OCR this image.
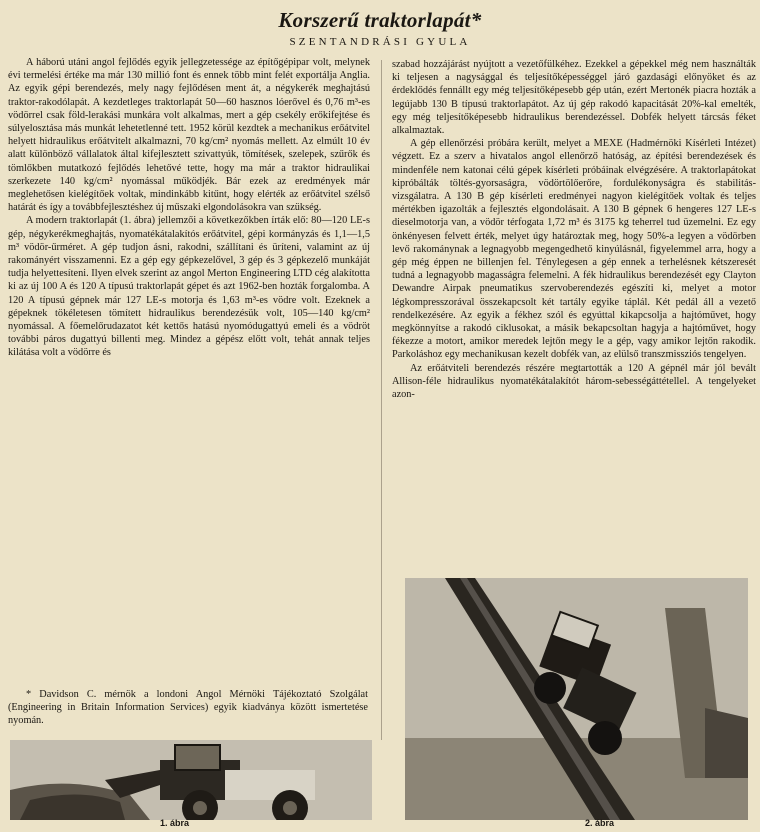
Korszerű traktorlapát*
SZENTANDRÁSI GYULA

A háború utáni angol fejlődés egyik jellegzetessége az építőgépipar volt, melynek évi termelési értéke ma már 130 millió font és ennek több mint felét exportálja Anglia. Az egyik gépi berendezés, mely nagy fejlődésen ment át, a négykerék meghajtású traktor-rakodólapát. A kezdetleges traktorlapát 50—60 hasznos lóerővel és 0,76 m³-es vödörrel csak föld-lerakási munkára volt alkalmas, mert a gép csekély erőkifejtése és súlyelosztása más munkát lehetetlenné tett. 1952 körül kezdtek a mechanikus erőátvitel helyett hidraulikus erőátvitelt alkalmazni, 70 kg/cm² nyomás mellett. Az elmúlt 10 év alatt különböző vállalatok által kifejlesztett szivattyúk, tömítések, szelepek, szűrők és tömlőkben mutatkozó fejlődés lehetővé tette, hogy ma már a traktor hidraulikai szerkezete 140 kg/cm² nyomással működjék. Bár ezek az eredmények már meglehetősen kielégítőek voltak, mindinkább kitűnt, hogy elérték az erőátvitel szélső határát és így a továbbfejlesztéshez új műszaki elgondolásokra van szükség.

A modern traktorlapát (1. ábra) jellemzői a következőkben írták elő: 80—120 LE-s gép, négykerékmeghajtás, nyomatékátalakítós erőátvitel, gépi kormányzás és 1,1—1,5 m³ vödör-űrméret. A gép tudjon ásni, rakodni, szállítani és üríteni, valamint az új rakományért visszamenni. Ez a gép egy gépkezelővel, 3 gép és 3 gépkezelő munkáját tudja helyettesíteni. Ilyen elvek szerint az angol Merton Engineering LTD cég alakította ki az új 100 A és 120 A típusú traktorlapát gépet és azt 1962-ben hozták forgalomba. A 120 A típusú gépnek már 127 LE-s motorja és 1,63 m³-es vödre volt. Ezeknek a gépeknek tökéletesen tömített hidraulikus berendezésük volt, 105—140 kg/cm² nyomással. A főemelőrudazatot két kettős hatású nyomódugattyú emeli és a vödröt további páros dugattyú billenti meg. Mindez a gépész előtt volt, tehát annak teljes kilátása volt a vödörre és

* Davidson C. mérnök a londoni Angol Mérnöki Tájékoztató Szolgálat (Engineering in Britain Information Services) egyik kiadványa között ismertetése nyomán.

szabad hozzájárást nyújtott a vezetőfülkéhez. Ezekkel a gépekkel még nem használták ki teljesen a nagysággal és teljesítőképességgel járó gazdasági előnyöket és az érdeklődés fennállt egy még teljesítőképesebb gép után, ezért Mertonék piacra hozták a legújabb 130 B típusú traktorlapátot. Az új gép rakodó kapacitását 20%-kal emelték, egy még teljesítőképesebb hidraulikus berendezéssel. Dobfék helyett tárcsás féket alkalmaztak.

A gép ellenőrzési próbára került, melyet a MEXE (Hadmérnöki Kísérleti Intézet) végzett. Ez a szerv a hivatalos angol ellenőrző hatóság, az építési berendezések és mindenféle nem katonai célú gépek kísérleti próbáinak elvégzésére. A traktorlapátokat kipróbálták töltés-gyorsaságra, vödörtölőerőre, fordulékonyságra és stabilitás-vizsgálatra. A 130 B gép kísérleti eredményei nagyon kielégítőek voltak és teljes mértékben igazolták a fejlesztés elgondolásait. A 130 B gépnek 6 hengeres 127 LE-s dieselmotorja van, a vödör térfogata 1,72 m³ és 3175 kg teherrel tud üzemelni. Ez egy önkényesen felvett érték, melyet úgy határoztak meg, hogy 50%-a legyen a vödörben levő rakománynak a legnagyobb megengedhető kinyúlásnál, figyelemmel arra, hogy a gép még éppen ne billenjen fel. Ténylegesen a gép ennek a terhelésnek kétszeresét tudná a legnagyobb magasságra felemelni. A fék hidraulikus berendezését egy Clayton Dewandre Airpak pneumatikus szervoberendezés egészíti ki, melyet a motor légkompresszorával összekapcsolt két tartály egyike táplál. Két pedál áll a vezető rendelkezésére. Az egyik a fékhez szól és egyúttal kikapcsolja a hajtóművet, hogy megkönnyítse a rakodó ciklusokat, a másik bekapcsoltan hagyja a hajtóművet, hogy fékezze a motort, amikor meredek lejtőn megy le a gép, vagy amikor lejtőn rakodik. Parkoláshoz egy mechanikusan kezelt dobfék van, az elülső transzmissziós tengelyen.

Az erőátviteli berendezés részére megtartották a 120 A gépnél már jól bevált Allison-féle hidraulikus nyomatékátalakítót három-sebességáttétellel. A tengelyeket azon-

1. ábra	2. ábra
